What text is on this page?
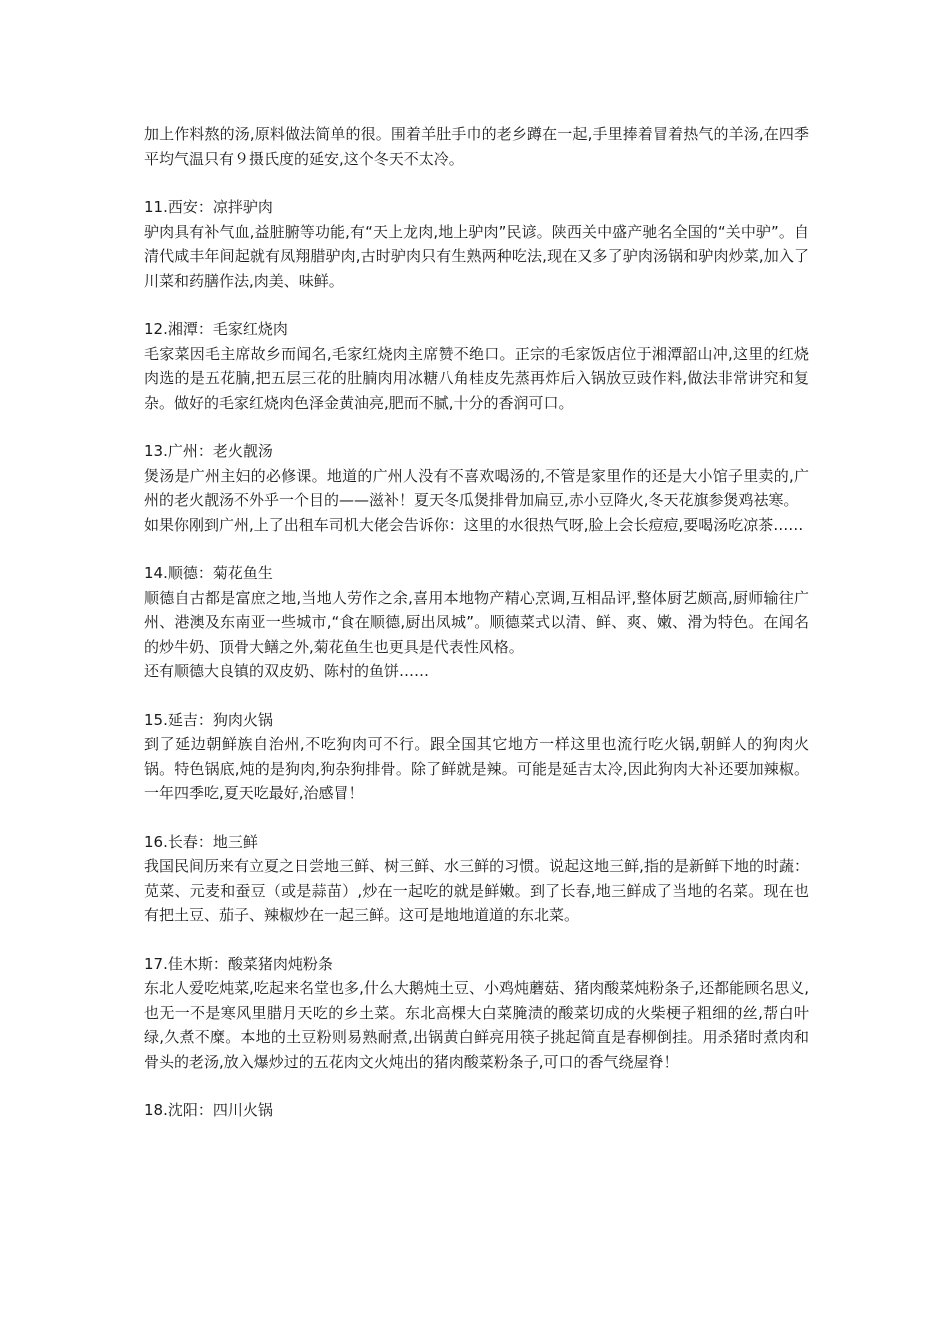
加上作料熬的汤,原料做法简单的很。围着羊肚手巾的老乡蹲在一起,手里捧着冒着热气的羊汤,在四季平均气温只有９摄氏度的延安,这个冬天不太冷。

11.西安：凉拌驴肉

驴肉具有补气血,益脏腑等功能,有“天上龙肉,地上驴肉”民谚。陕西关中盛产驰名全国的“关中驴”。自清代咸丰年间起就有凤翔腊驴肉,古时驴肉只有生熟两种吃法,现在又多了驴肉汤锅和驴肉炒菜,加入了川菜和药膳作法,肉美、味鲜。

12.湘潭：毛家红烧肉

毛家菜因毛主席故乡而闻名,毛家红烧肉主席赞不绝口。正宗的毛家饭店位于湘潭韶山冲,这里的红烧肉选的是五花腩,把五层三花的肚腩肉用冰糖八角桂皮先蒸再炸后入锅放豆豉作料,做法非常讲究和复杂。做好的毛家红烧肉色泽金黄油亮,肥而不腻,十分的香润可口。

13.广州：老火靓汤

煲汤是广州主妇的必修课。地道的广州人没有不喜欢喝汤的,不管是家里作的还是大小馆子里卖的,广州的老火靓汤不外乎一个目的——滋补！夏天冬瓜煲排骨加扁豆,赤小豆降火,冬天花旗参煲鸡祛寒。

如果你刚到广州,上了出租车司机大佬会告诉你：这里的水很热气呀,脸上会长痘痘,要喝汤吃凉茶……

14.顺德：菊花鱼生

顺德自古都是富庶之地,当地人劳作之余,喜用本地物产精心烹调,互相品评,整体厨艺颇高,厨师输往广州、港澳及东南亚一些城市,“食在顺德,厨出凤城”。顺德菜式以清、鲜、爽、嫩、滑为特色。在闻名的炒牛奶、顶骨大鳝之外,菊花鱼生也更具是代表性风格。

还有顺德大良镇的双皮奶、陈村的鱼饼……

15.延吉：狗肉火锅

到了延边朝鲜族自治州,不吃狗肉可不行。跟全国其它地方一样这里也流行吃火锅,朝鲜人的狗肉火锅。特色锅底,炖的是狗肉,狗杂狗排骨。除了鲜就是辣。可能是延吉太冷,因此狗肉大补还要加辣椒。一年四季吃,夏天吃最好,治感冒！

16.长春：地三鲜

我国民间历来有立夏之日尝地三鲜、树三鲜、水三鲜的习惯。说起这地三鲜,指的是新鲜下地的时蔬：苋菜、元麦和蚕豆（或是蒜苗）,炒在一起吃的就是鲜嫩。到了长春,地三鲜成了当地的名菜。现在也有把土豆、茄子、辣椒炒在一起三鲜。这可是地地道道的东北菜。

17.佳木斯：酸菜猪肉炖粉条

东北人爱吃炖菜,吃起来名堂也多,什么大鹅炖土豆、小鸡炖蘑菇、猪肉酸菜炖粉条子,还都能顾名思义,也无一不是寒风里腊月天吃的乡土菜。东北高棵大白菜腌渍的酸菜切成的火柴梗子粗细的丝,帮白叶绿,久煮不糜。本地的土豆粉则易熟耐煮,出锅黄白鲜亮用筷子挑起简直是春柳倒挂。用杀猪时煮肉和骨头的老汤,放入爆炒过的五花肉文火炖出的猪肉酸菜粉条子,可口的香气绕屋脊！

18.沈阳：四川火锅
